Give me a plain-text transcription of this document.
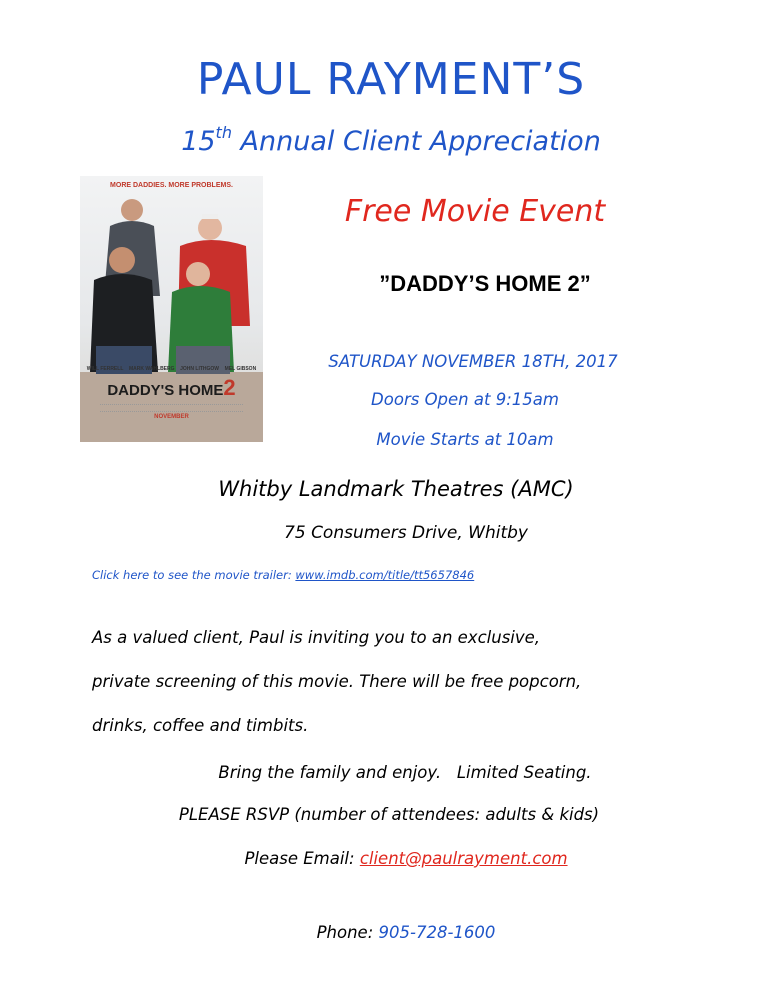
PAUL RAYMENT’S
15th Annual Client Appreciation
MORE DADDIES. MORE PROBLEMS.
WILL FERRELL MARK WAHLBERG JOHN LITHGOW MEL GIBSON
DADDY'S HOME2
NOVEMBER
Free Movie Event
”DADDY’S HOME 2”
SATURDAY NOVEMBER 18TH, 2017
Doors Open at 9:15am
Movie Starts at 10am
Whitby Landmark Theatres (AMC)
75 Consumers Drive, Whitby
Click here to see the movie trailer: www.imdb.com/title/tt5657846
As a valued client, Paul is inviting you to an exclusive,
private screening of this movie. There will be free popcorn,
drinks, coffee and timbits.
Bring the family and enjoy.   Limited Seating.
PLEASE RSVP (number of attendees: adults & kids)
Please Email: client@paulrayment.com
Phone: 905-728-1600
